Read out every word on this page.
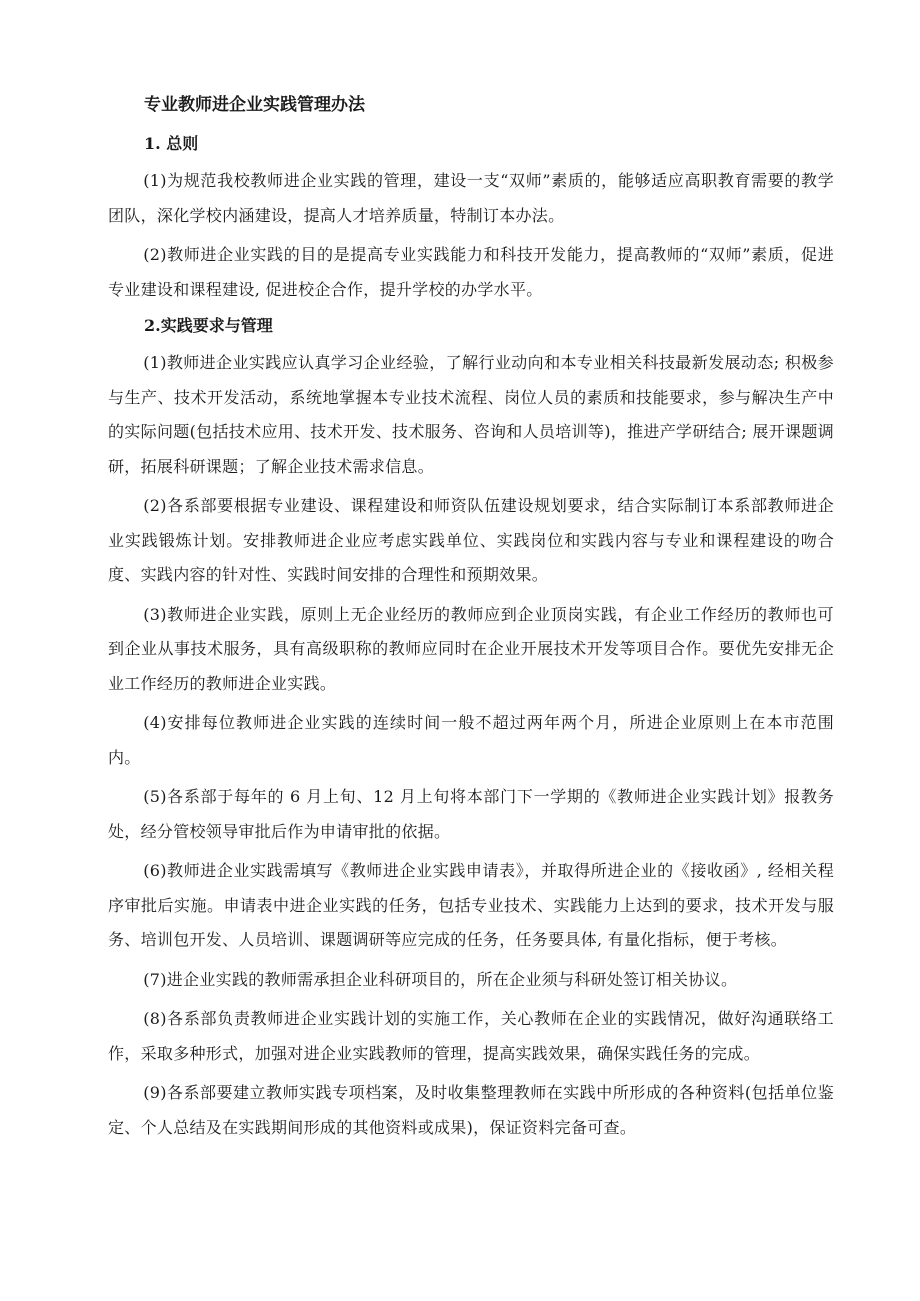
专业教师进企业实践管理办法
1. 总则

(1)为规范我校教师进企业实践的管理，建设一支“双师”素质的，能够适应高职教育需要的教学团队，深化学校内涵建设，提高人才培养质量，特制订本办法。

(2)教师进企业实践的目的是提高专业实践能力和科技开发能力，提高教师的“双师”素质，促进专业建设和课程建设, 促进校企合作，提升学校的办学水平。

2.实践要求与管理

(1)教师进企业实践应认真学习企业经验，了解行业动向和本专业相关科技最新发展动态; 积极参与生产、技术开发活动，系统地掌握本专业技术流程、岗位人员的素质和技能要求，参与解决生产中的实际问题(包括技术应用、技术开发、技术服务、咨询和人员培训等)，推进产学研结合; 展开课题调研，拓展科研课题；了解企业技术需求信息。

(2)各系部要根据专业建设、课程建设和师资队伍建设规划要求，结合实际制订本系部教师进企业实践锻炼计划。安排教师进企业应考虑实践单位、实践岗位和实践内容与专业和课程建设的吻合度、实践内容的针对性、实践时间安排的合理性和预期效果。

(3)教师进企业实践，原则上无企业经历的教师应到企业顶岗实践，有企业工作经历的教师也可到企业从事技术服务，具有高级职称的教师应同时在企业开展技术开发等项目合作。要优先安排无企业工作经历的教师进企业实践。

(4)安排每位教师进企业实践的连续时间一般不超过两年两个月，所进企业原则上在本市范围内。

(5)各系部于每年的 6 月上旬、12 月上旬将本部门下一学期的《教师进企业实践计划》报教务处，经分管校领导审批后作为申请审批的依据。

(6)教师进企业实践需填写《教师进企业实践申请表》，并取得所进企业的《接收函》, 经相关程序审批后实施。申请表中进企业实践的任务，包括专业技术、实践能力上达到的要求，技术开发与服务、培训包开发、人员培训、课题调研等应完成的任务，任务要具体, 有量化指标，便于考核。

(7)进企业实践的教师需承担企业科研项目的，所在企业须与科研处签订相关协议。

(8)各系部负责教师进企业实践计划的实施工作，关心教师在企业的实践情况，做好沟通联络工作，采取多种形式，加强对进企业实践教师的管理，提高实践效果，确保实践任务的完成。

(9)各系部要建立教师实践专项档案，及时收集整理教师在实践中所形成的各种资料(包括单位鉴定、个人总结及在实践期间形成的其他资料或成果)，保证资料完备可查。
